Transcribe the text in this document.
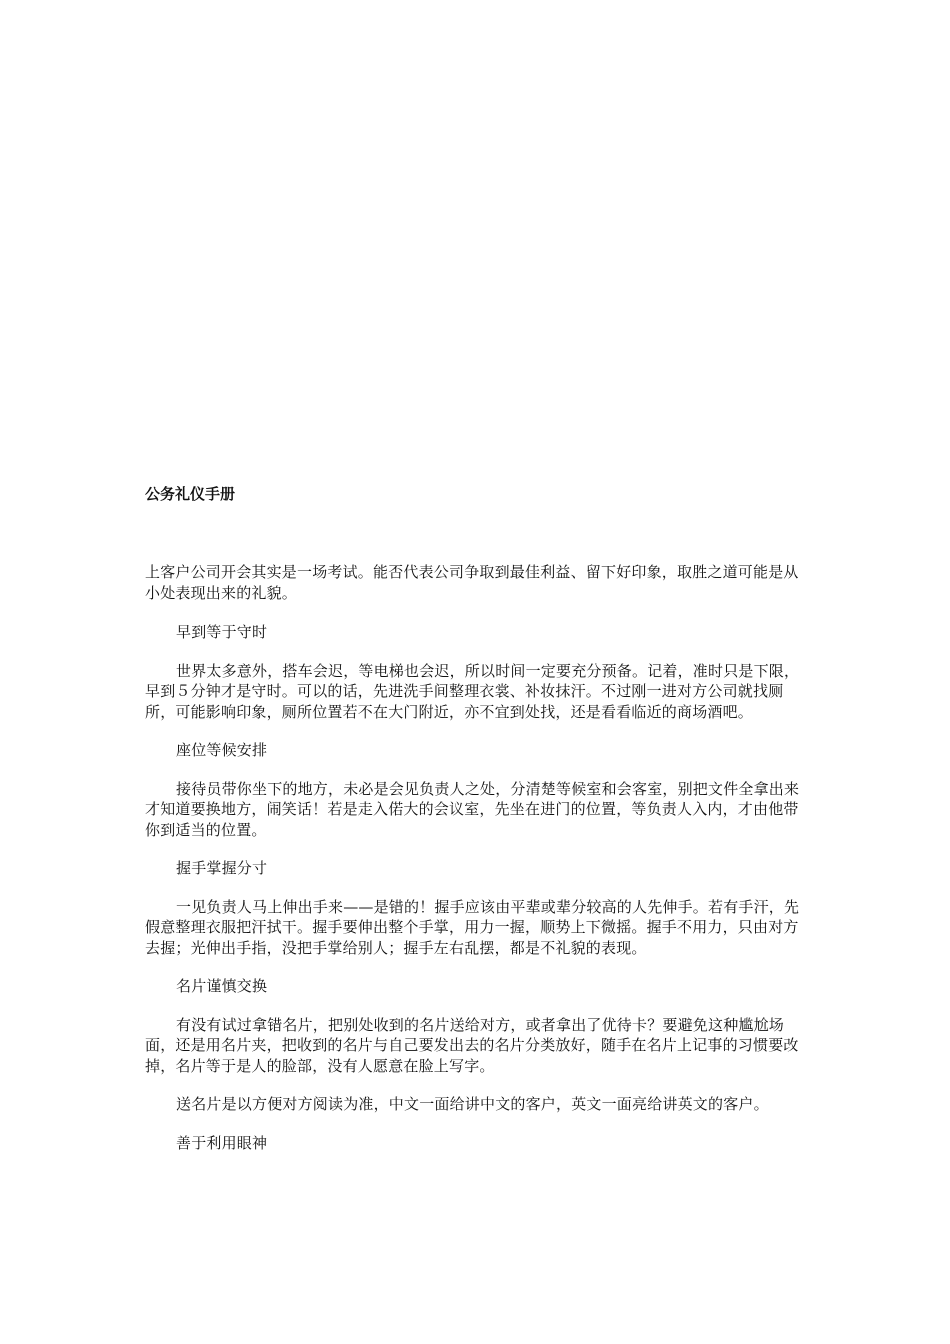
公务礼仪手册

上客户公司开会其实是一场考试。能否代表公司争取到最佳利益、留下好印象，取胜之道可能是从小处表现出来的礼貌。

早到等于守时

世界太多意外，搭车会迟，等电梯也会迟，所以时间一定要充分预备。记着，准时只是下限，早到５分钟才是守时。可以的话，先进洗手间整理衣裳、补妆抹汗。不过刚一进对方公司就找厕所，可能影响印象，厕所位置若不在大门附近，亦不宜到处找，还是看看临近的商场酒吧。

座位等候安排

接待员带你坐下的地方，未必是会见负责人之处，分清楚等候室和会客室，别把文件全拿出来才知道要换地方，闹笑话！若是走入偌大的会议室，先坐在进门的位置，等负责人入内，才由他带你到适当的位置。

握手掌握分寸

一见负责人马上伸出手来——是错的！握手应该由平辈或辈分较高的人先伸手。若有手汗，先假意整理衣服把汗拭干。握手要伸出整个手掌，用力一握，顺势上下微摇。握手不用力，只由对方去握；光伸出手指，没把手掌给别人；握手左右乱摆，都是不礼貌的表现。

名片谨慎交换

有没有试过拿错名片，把别处收到的名片送给对方，或者拿出了优待卡？要避免这种尴尬场面，还是用名片夹，把收到的名片与自己要发出去的名片分类放好，随手在名片上记事的习惯要改掉，名片等于是人的脸部，没有人愿意在脸上写字。

送名片是以方便对方阅读为准，中文一面给讲中文的客户，英文一面亮给讲英文的客户。

善于利用眼神
